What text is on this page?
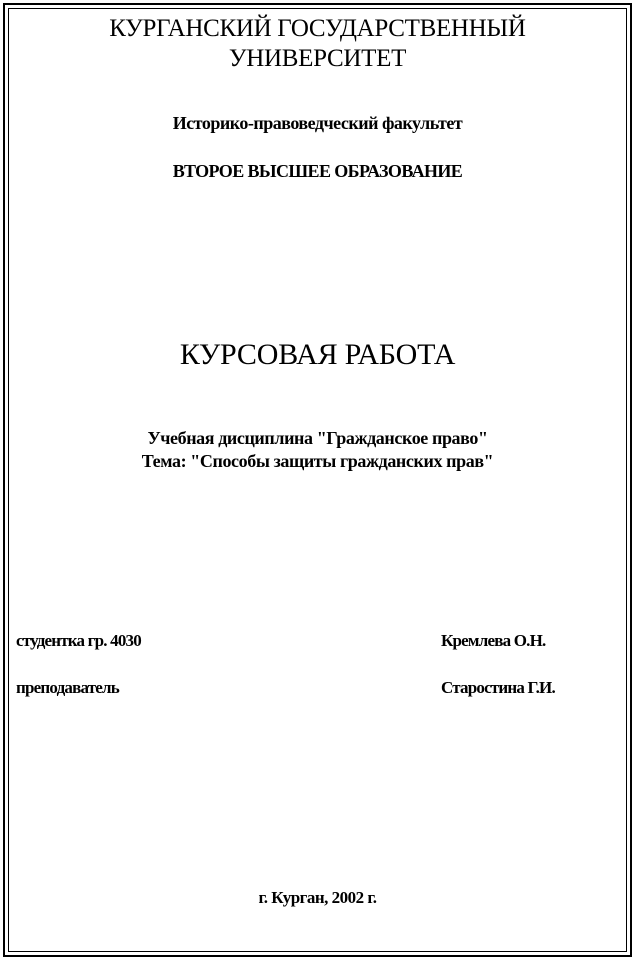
КУРГАНСКИЙ ГОСУДАРСТВЕННЫЙ
УНИВЕРСИТЕТ
Историко-правоведческий факультет
ВТОРОЕ ВЫСШЕЕ ОБРАЗОВАНИЕ
КУРСОВАЯ РАБОТА
Учебная дисциплина "Гражданское право"
Тема: "Способы защиты гражданских прав"
студентка гр. 4030	Кремлева О.Н.
преподаватель	Старостина Г.И.
г. Курган, 2002 г.
